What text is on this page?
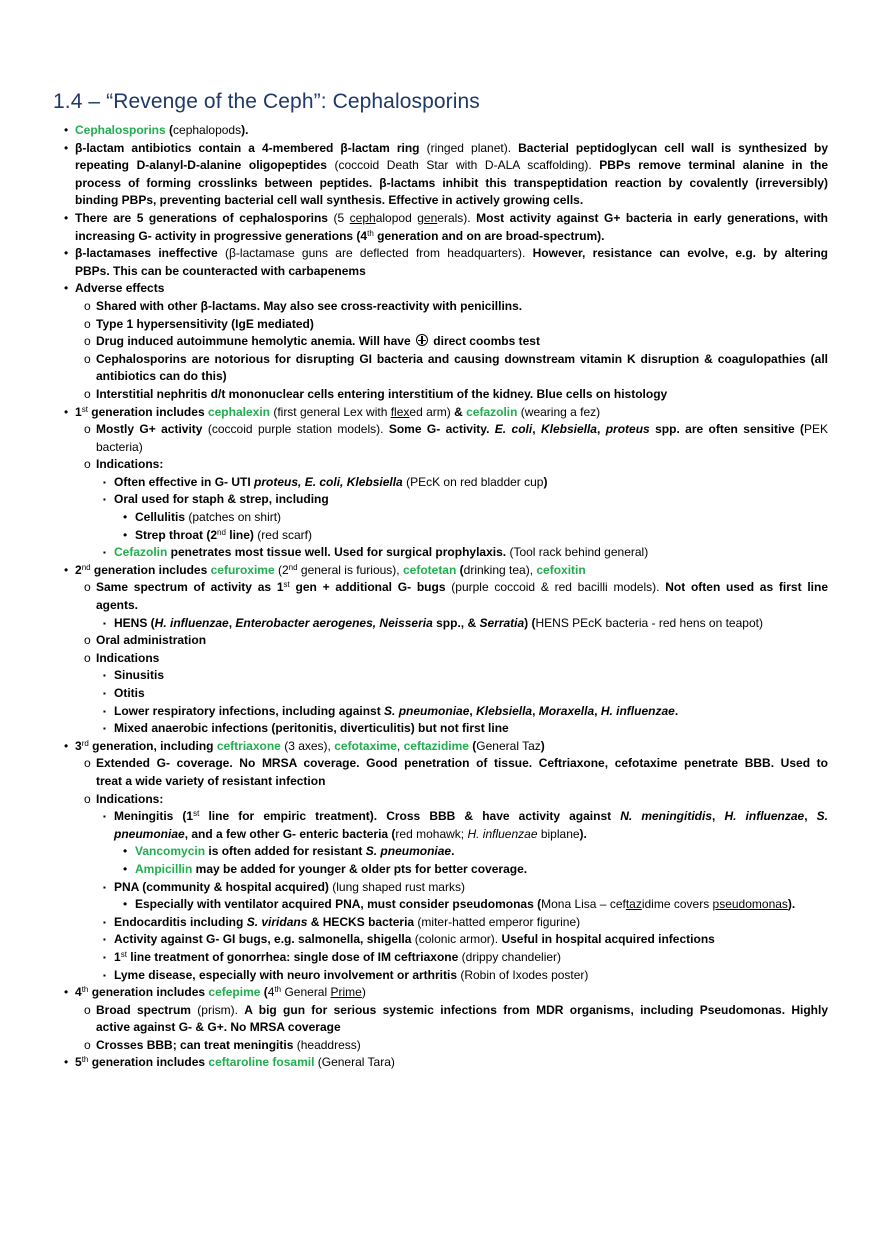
1.4 – “Revenge of the Ceph”: Cephalosporins
• Cephalosporins (cephalopods).
• β-lactam antibiotics contain a 4-membered β-lactam ring (ringed planet). Bacterial peptidoglycan cell wall is synthesized by
repeating D-alanyl-D-alanine oligopeptides (coccoid Death Star with D-ALA scaffolding). PBPs remove terminal alanine in the
process of forming crosslinks between peptides. β-lactams inhibit this transpeptidation reaction by covalently (irreversibly)
binding PBPs, preventing bacterial cell wall synthesis. Effective in actively growing cells.
• There are 5 generations of cephalosporins (5 cephalopod generals). Most activity against G+ bacteria in early generations, with
increasing G- activity in progressive generations (4th generation and on are broad-spectrum).
• β-lactamases ineffective (β-lactamase guns are deflected from headquarters). However, resistance can evolve, e.g. by altering
PBPs. This can be counteracted with carbapenems
• Adverse effects
o Shared with other β-lactams. May also see cross-reactivity with penicillins.
o Type 1 hypersensitivity (IgE mediated)
o Drug induced autoimmune hemolytic anemia. Will have  direct coombs test
o Cephalosporins are notorious for disrupting GI bacteria and causing downstream vitamin K disruption & coagulopathies (all
antibiotics can do this)
o Interstitial nephritis d/t mononuclear cells entering interstitium of the kidney. Blue cells on histology
• 1st generation includes cephalexin (first general Lex with flexed arm) & cefazolin (wearing a fez)
o Mostly G+ activity (coccoid purple station models). Some G- activity. E. coli, Klebsiella, proteus spp. are often sensitive (PEK
bacteria)
o Indications:
▪ Often effective in G- UTI proteus, E. coli, Klebsiella (PEcK on red bladder cup)
▪ Oral used for staph & strep, including
• Cellulitis (patches on shirt)
• Strep throat (2nd line) (red scarf)
▪ Cefazolin penetrates most tissue well. Used for surgical prophylaxis. (Tool rack behind general)
• 2nd generation includes cefuroxime (2nd general is furious), cefotetan (drinking tea), cefoxitin
o Same spectrum of activity as 1st gen + additional G- bugs (purple coccoid & red bacilli models). Not often used as first line
agents.
▪ HENS (H. influenzae, Enterobacter aerogenes, Neisseria spp., & Serratia) (HENS PEcK bacteria - red hens on teapot)
o Oral administration
o Indications
▪ Sinusitis
▪ Otitis
▪ Lower respiratory infections, including against S. pneumoniae, Klebsiella, Moraxella, H. influenzae.
▪ Mixed anaerobic infections (peritonitis, diverticulitis) but not first line
• 3rd generation, including ceftriaxone (3 axes), cefotaxime, ceftazidime (General Taz)
o Extended G- coverage. No MRSA coverage. Good penetration of tissue. Ceftriaxone, cefotaxime penetrate BBB. Used to
treat a wide variety of resistant infection
o Indications:
▪ Meningitis (1st line for empiric treatment). Cross BBB & have activity against N. meningitidis, H. influenzae, S.
pneumoniae, and a few other G- enteric bacteria (red mohawk; H. influenzae biplane).
• Vancomycin is often added for resistant S. pneumoniae.
• Ampicillin may be added for younger & older pts for better coverage.
▪ PNA (community & hospital acquired) (lung shaped rust marks)
• Especially with ventilator acquired PNA, must consider pseudomonas (Mona Lisa – ceftazidime covers pseudomonas).
▪ Endocarditis including S. viridans & HECKS bacteria (miter-hatted emperor figurine)
▪ Activity against G- GI bugs, e.g. salmonella, shigella (colonic armor). Useful in hospital acquired infections
▪ 1st line treatment of gonorrhea: single dose of IM ceftriaxone (drippy chandelier)
▪ Lyme disease, especially with neuro involvement or arthritis (Robin of Ixodes poster)
• 4th generation includes cefepime (4th General Prime)
o Broad spectrum (prism). A big gun for serious systemic infections from MDR organisms, including Pseudomonas. Highly
active against G- & G+. No MRSA coverage
o Crosses BBB; can treat meningitis (headdress)
• 5th generation includes ceftaroline fosamil (General Tara)
